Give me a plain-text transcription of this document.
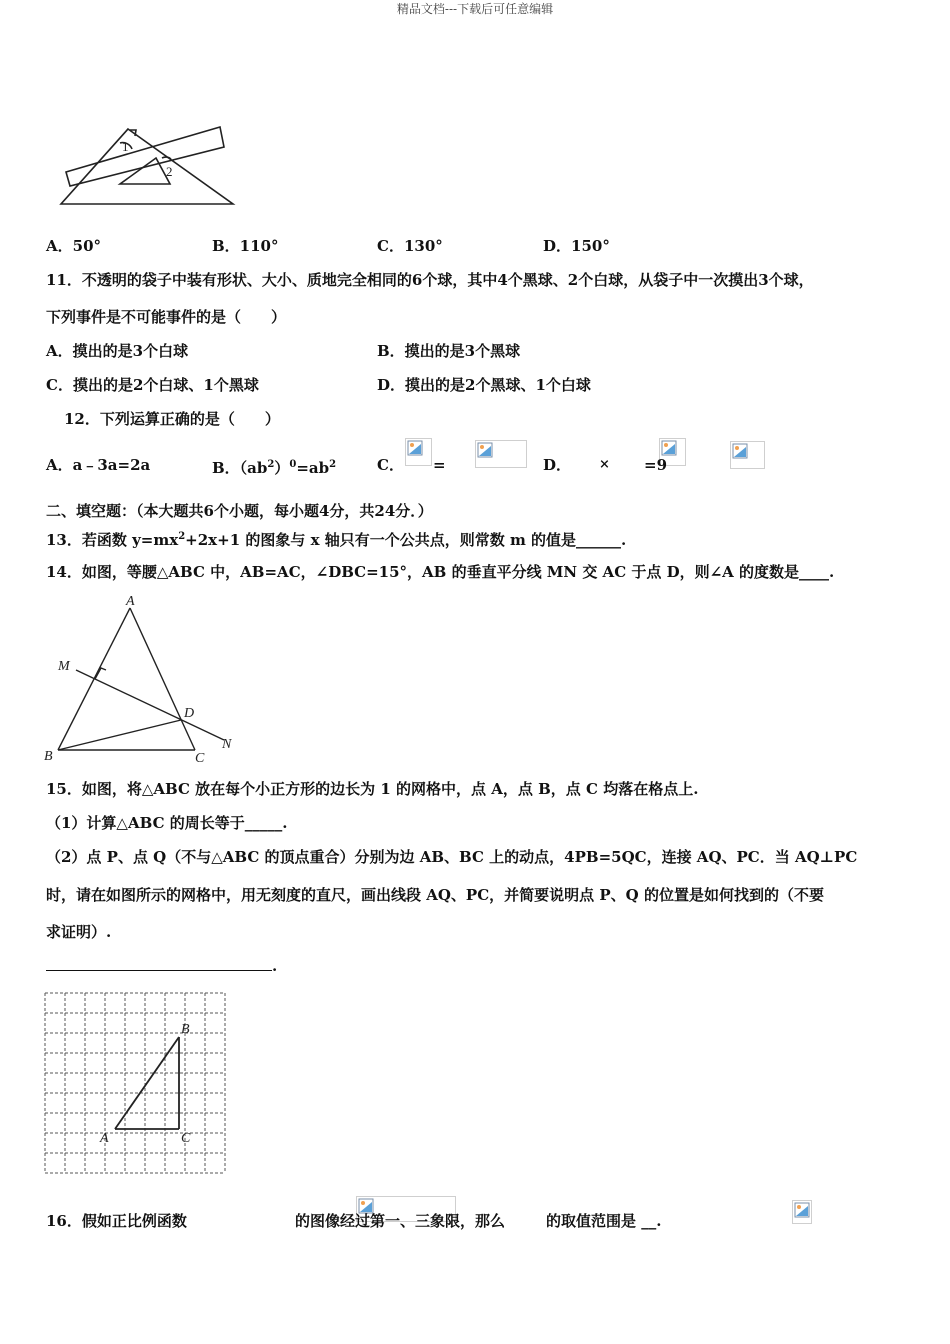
精品文档---下载后可任意编辑
1
2
A．50°	B．110°	C．130°	D．150°
11．不透明的袋子中装有形状、大小、质地完全相同的6个球，其中4个黑球、2个白球，从袋子中一次摸出3个球，
下列事件是不可能事件的是（　　）
A．摸出的是3个白球	B．摸出的是3个黑球
C．摸出的是2个白球、1个黑球	D．摸出的是2个黑球、1个白球
12．下列运算正确的是（　　）
A．a﹣3a=2a	B．$(ab^2)^0=ab^2$	C．
=
	D．
×
=9
二、填空题：（本大题共6个小题，每小题4分，共24分．）
13．若函数 $y=mx^2+2x+1$ 的图象与 x 轴只有一个公共点，则常数 m 的值是______.
14．如图，等腰△ABC 中，AB=AC，∠DBC=15°，AB 的垂直平分线 MN 交 AC 于点 D，则∠A 的度数是____.
A
M
D
B	C
N
15．如图，将△ABC 放在每个小正方形的边长为 1 的网格中，点 A，点 B，点 C 均落在格点上.
（1）计算△ABC 的周长等于_____.
（2）点 P、点 Q（不与△ABC 的顶点重合）分别为边 AB、BC 上的动点，4PB=5QC，连接 AQ、PC．当 AQ⊥PC
时，请在如图所示的网格中，用无刻度的直尺，画出线段 AQ、PC，并简要说明点 P、Q 的位置是如何找到的（不要
求证明）.
.
B
A	C
16．假如正比例函数
	的图像经过第一、三象限，那么	的取值范围是 __.
